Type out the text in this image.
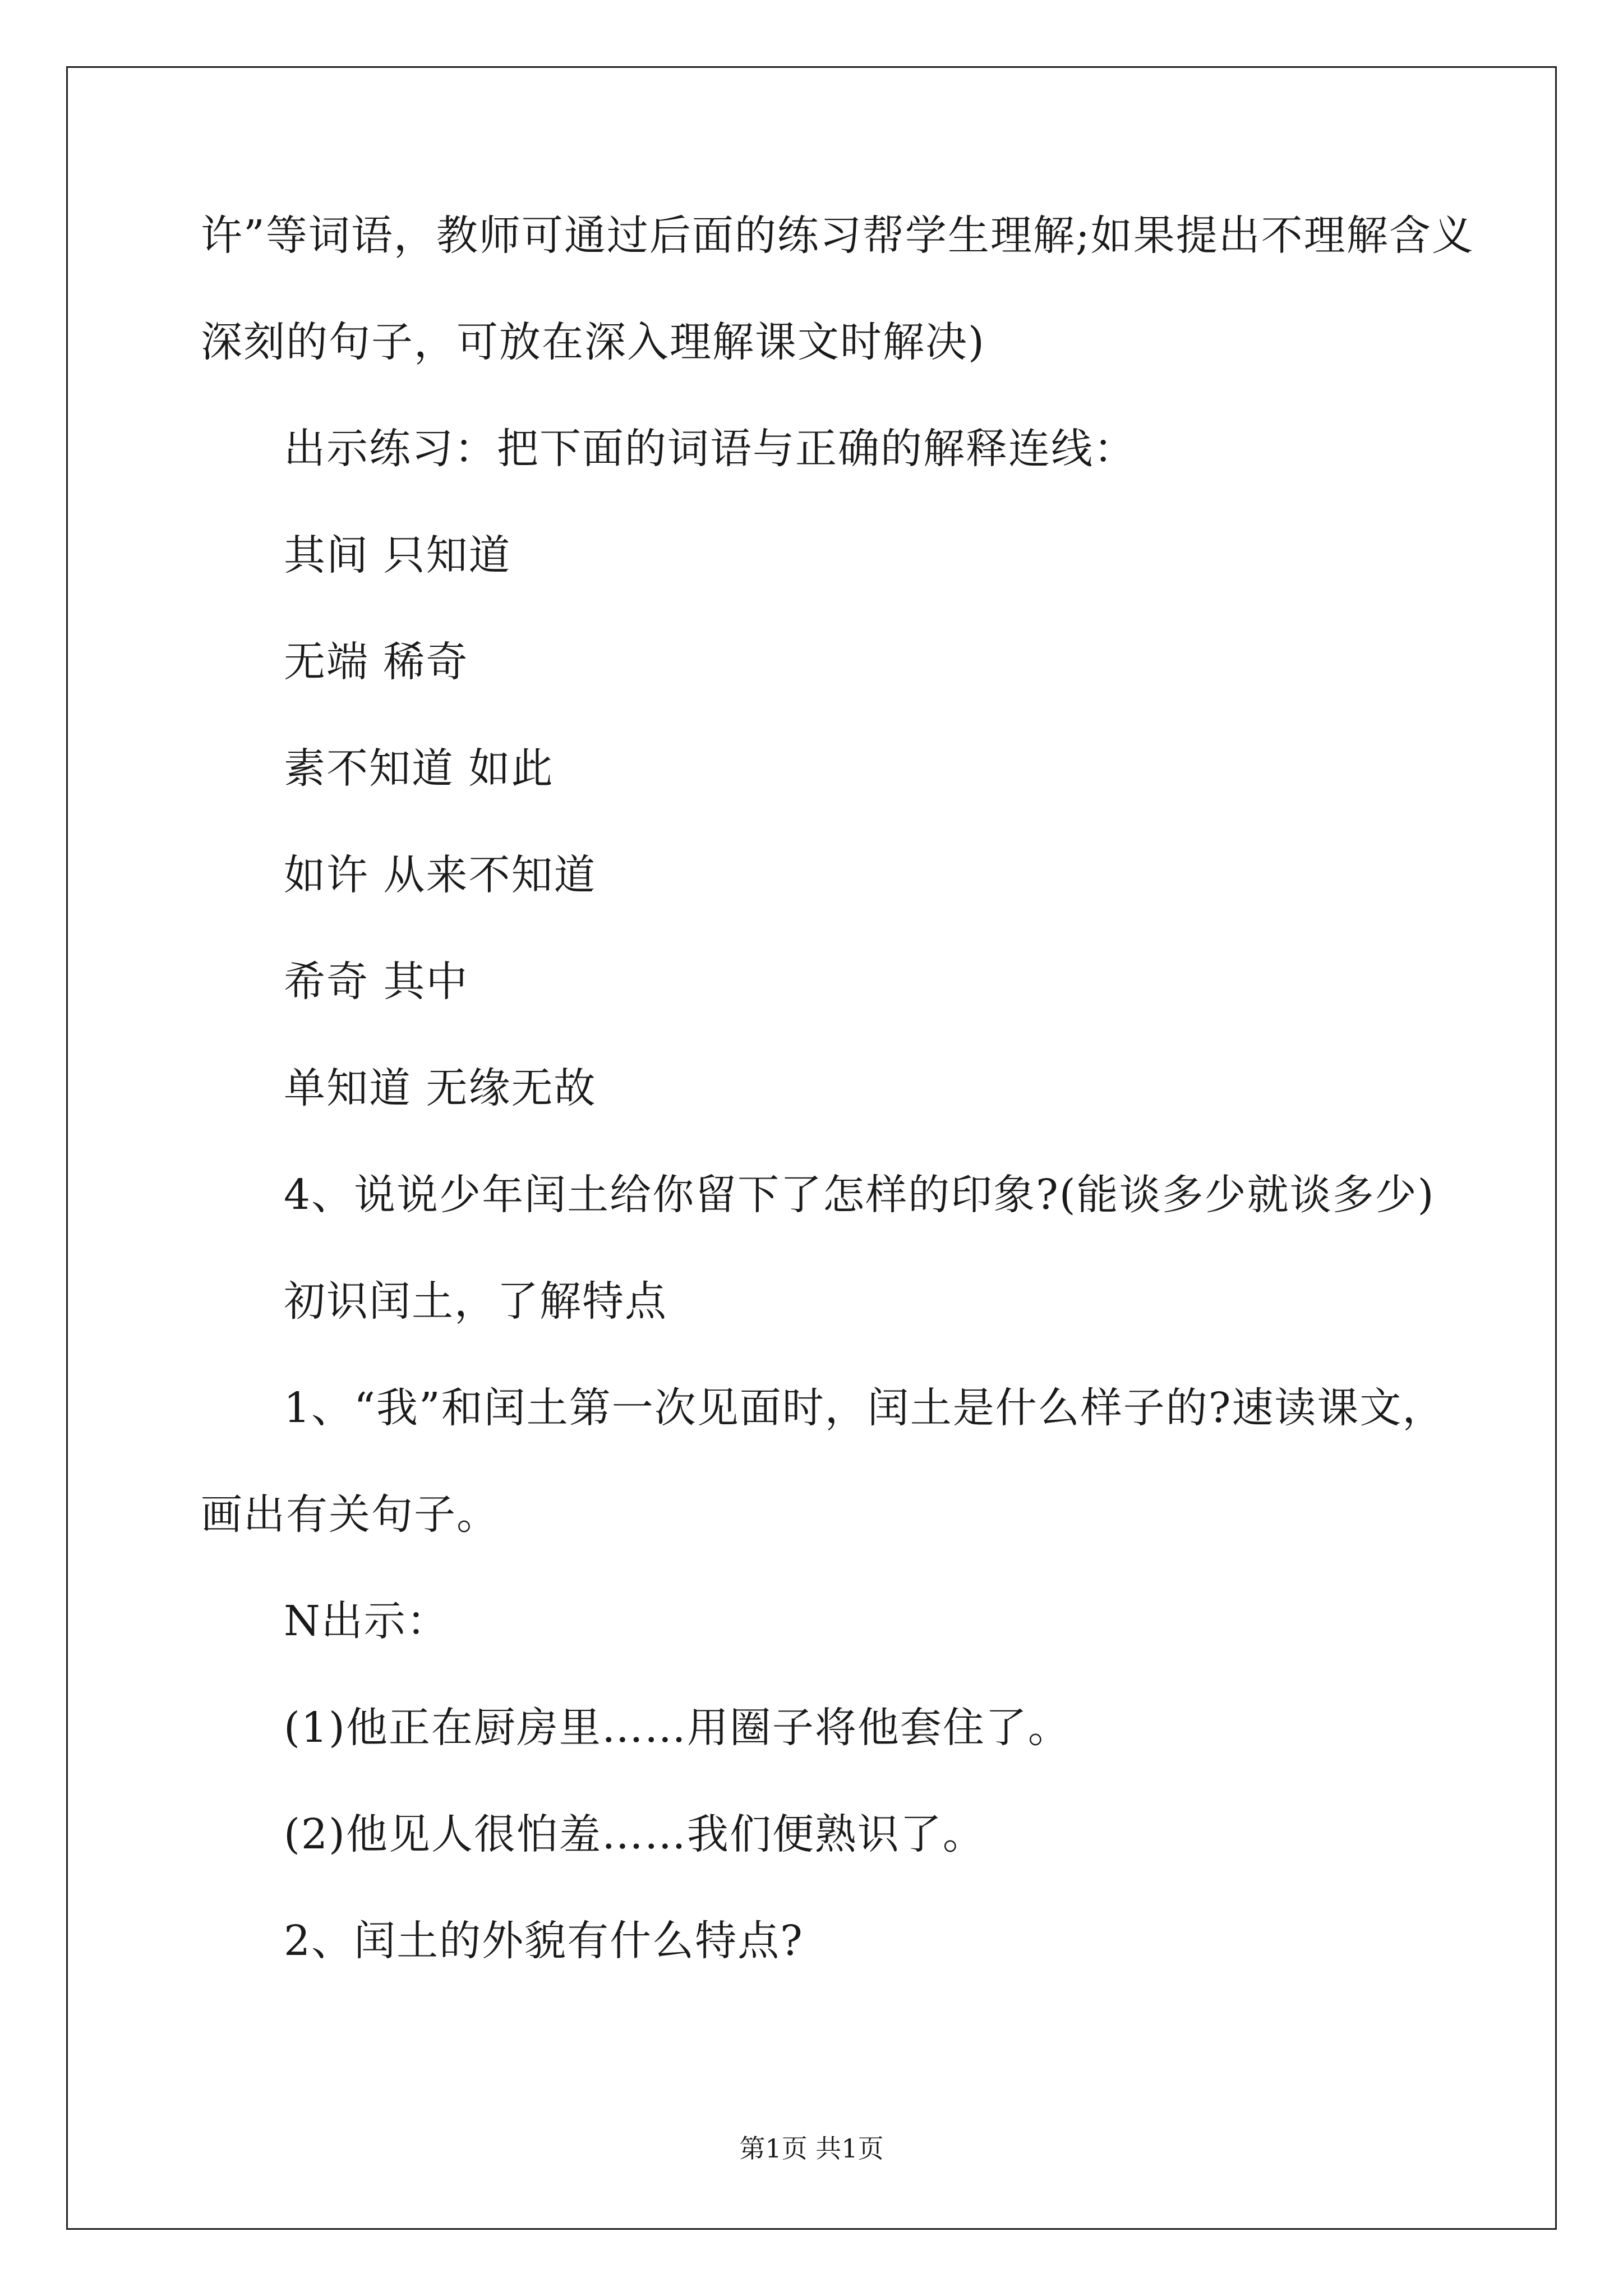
许”等词语，教师可通过后面的练习帮学生理解;如果提出不理解含义
深刻的句子，可放在深入理解课文时解决)
出示练习：把下面的词语与正确的解释连线：
其间 只知道
无端 稀奇
素不知道 如此
如许 从来不知道
希奇 其中
单知道 无缘无故
4、说说少年闰土给你留下了怎样的印象?(能谈多少就谈多少)
初识闰土，了解特点
1、“我”和闰土第一次见面时，闰土是什么样子的?速读课文，
画出有关句子。
N出示：
(1)他正在厨房里……用圈子将他套住了。
(2)他见人很怕羞……我们便熟识了。
2、闰土的外貌有什么特点?
第1页 共1页
